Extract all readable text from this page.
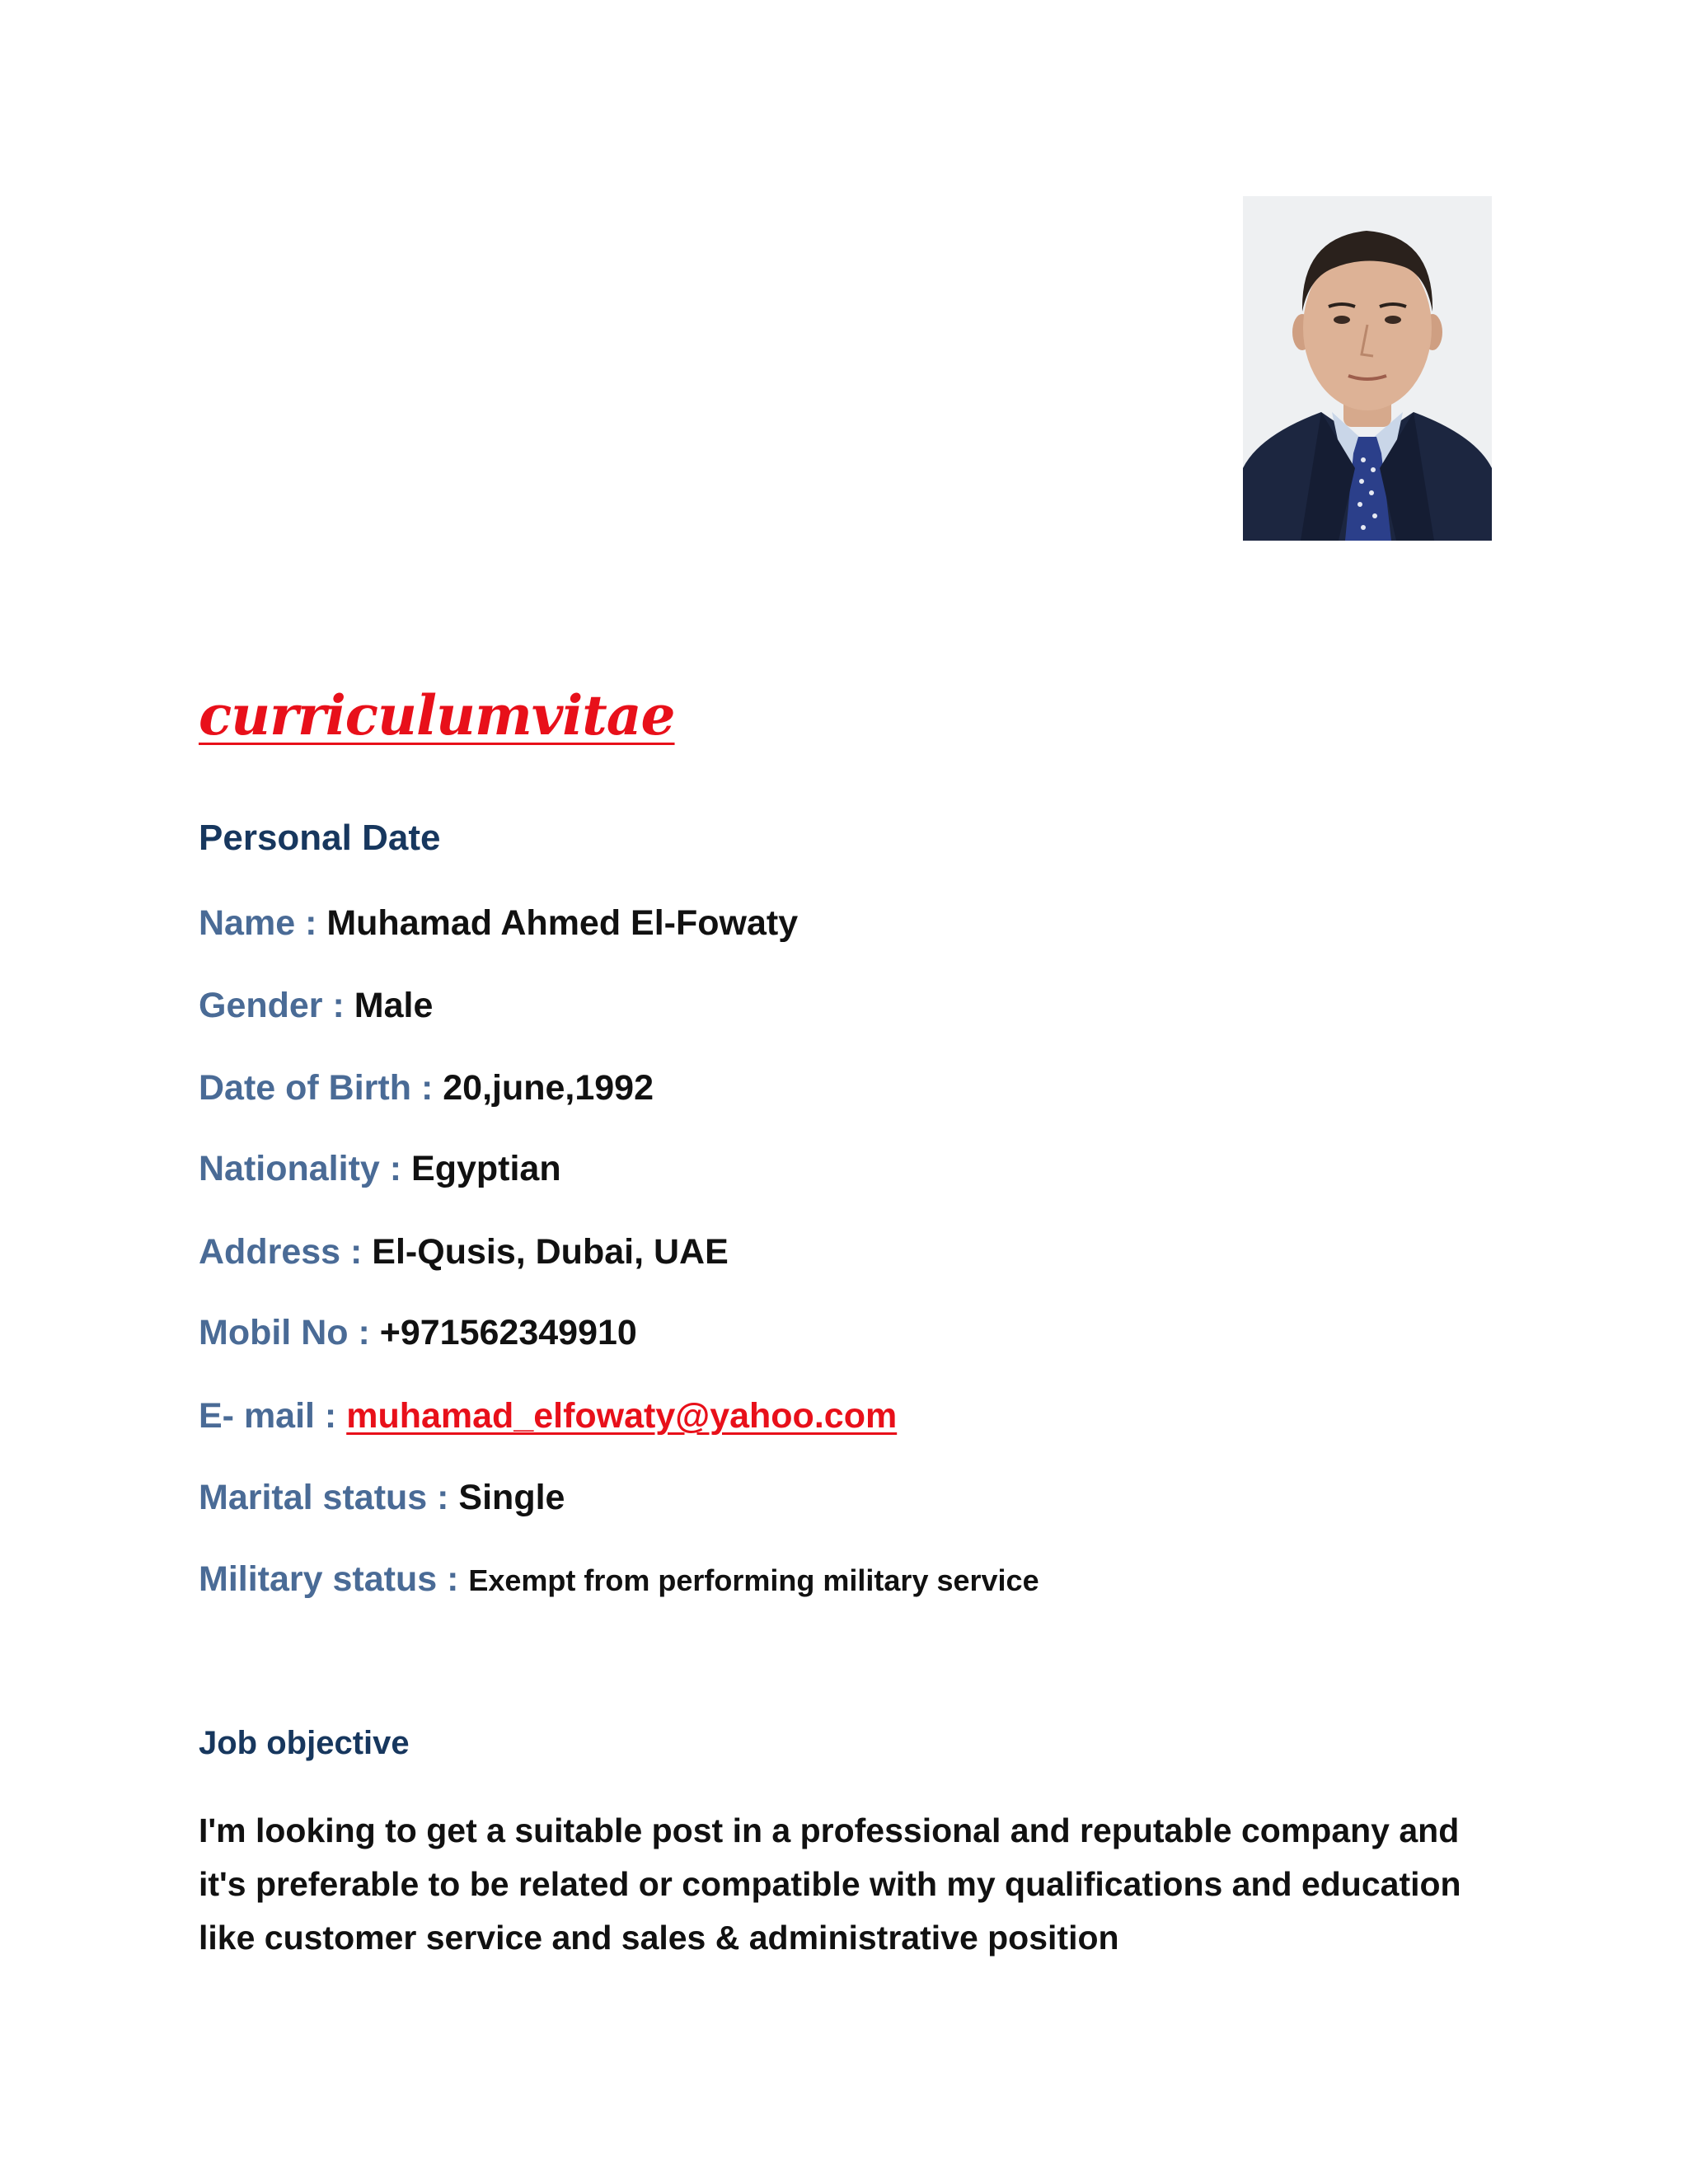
curriculumvitae
Personal Date

Name : Muhamad Ahmed El-Fowaty

Gender : Male

Date of Birth : 20,june,1992

Nationality : Egyptian

Address : El-Qusis, Dubai, UAE

Mobil No : +971562349910

E- mail : muhamad_elfowaty@yahoo.com

Marital status : Single

Military status : Exempt from performing military service

Job objective

I'm looking to get a suitable post in a professional and reputable company and it's preferable to be related or compatible with my qualifications and education like customer service and sales & administrative position
